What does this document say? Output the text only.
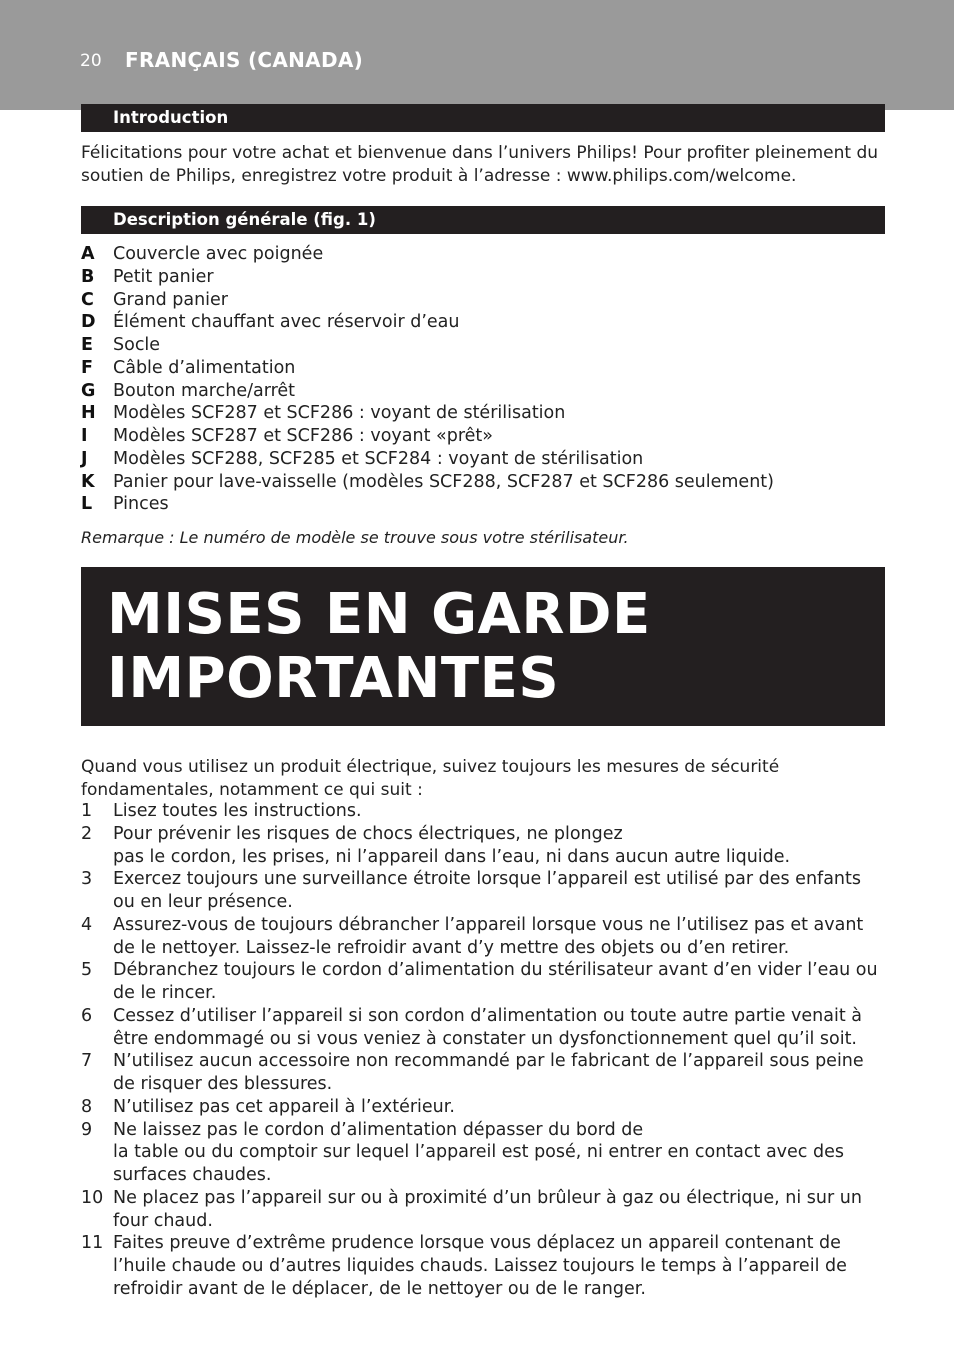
20 FRANÇAIS (CANADA)
Introduction

Félicitations pour votre achat et bienvenue dans l’univers Philips! Pour profiter pleinement du soutien de Philips, enregistrez votre produit à l’adresse : www.philips.com/welcome.

Description générale (fig. 1)
A Couvercle avec poignée
B Petit panier
C Grand panier
D Élément chauffant avec réservoir d’eau
E Socle
F Câble d’alimentation
G Bouton marche/arrêt
H Modèles SCF287 et SCF286 : voyant de stérilisation
I Modèles SCF287 et SCF286 : voyant «prêt»
J Modèles SCF288, SCF285 et SCF284 : voyant de stérilisation
K Panier pour lave-vaisselle (modèles SCF288, SCF287 et SCF286 seulement)
L Pinces
Remarque : Le numéro de modèle se trouve sous votre stérilisateur.
MISES EN GARDE
IMPORTANTES

Quand vous utilisez un produit électrique, suivez toujours les mesures de sécurité fondamentales, notamment ce qui suit :

1 Lisez toutes les instructions.
2 Pour prévenir les risques de chocs électriques, ne plongez
pas le cordon, les prises, ni l’appareil dans l’eau, ni dans aucun autre liquide.
3 Exercez toujours une surveillance étroite lorsque l’appareil est utilisé par des enfants ou en leur présence.
4 Assurez-vous de toujours débrancher l’appareil lorsque vous ne l’utilisez pas et avant de le nettoyer. Laissez-le refroidir avant d’y mettre des objets ou d’en retirer.
5 Débranchez toujours le cordon d’alimentation du stérilisateur avant d’en vider l’eau ou de le rincer.
6 Cessez d’utiliser l’appareil si son cordon d’alimentation ou toute autre partie venait à être endommagé ou si vous veniez à constater un dysfonctionnement quel qu’il soit.
7 N’utilisez aucun accessoire non recommandé par le fabricant de l’appareil sous peine de risquer des blessures.
8 N’utilisez pas cet appareil à l’extérieur.
9 Ne laissez pas le cordon d’alimentation dépasser du bord de
la table ou du comptoir sur lequel l’appareil est posé, ni entrer en contact avec des surfaces chaudes.
10 Ne placez pas l’appareil sur ou à proximité d’un brûleur à gaz ou électrique, ni sur un four chaud.
11 Faites preuve d’extrême prudence lorsque vous déplacez un appareil contenant de l’huile chaude ou d’autres liquides chauds. Laissez toujours le temps à l’appareil de refroidir avant de le déplacer, de le nettoyer ou de le ranger.
